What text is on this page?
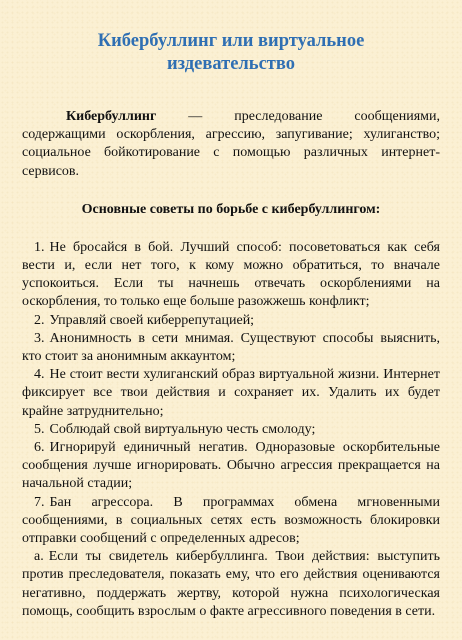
Кибербуллинг или виртуальное
издевательство

Кибербуллинг — преследование сообщениями, содержащими оскорбления, агрессию, запугивание; хулиганство; социальное бойкотирование с помощью различных интернет-сервисов.

Основные советы по борьбе с кибербуллингом:
1. Не бросайся в бой. Лучший способ: посоветоваться как себя вести и, если нет того, к кому можно обратиться, то вначале успокоиться. Если ты начнешь отвечать оскорблениями на оскорбления, то только еще больше разожжешь конфликт;
2. Управляй своей киберрепутацией;
3. Анонимность в сети мнимая. Существуют способы выяснить, кто стоит за анонимным аккаунтом;
4. Не стоит вести хулиганский образ виртуальной жизни. Интернет фиксирует все твои действия и сохраняет их. Удалить их будет крайне затруднительно;
5. Соблюдай свой виртуальную честь смолоду;
6. Игнорируй единичный негатив. Одноразовые оскорбительные сообщения лучше игнорировать. Обычно агрессия прекращается на начальной стадии;
7. Бан агрессора. В программах обмена мгновенными сообщениями, в социальных сетях есть возможность блокировки отправки сообщений с определенных адресов;
а. Если ты свидетель кибербуллинга. Твои действия: выступить против преследователя, показать ему, что его действия оцениваются негативно, поддержать жертву, которой нужна психологическая помощь, сообщить взрослым о факте агрессивного поведения в сети.
